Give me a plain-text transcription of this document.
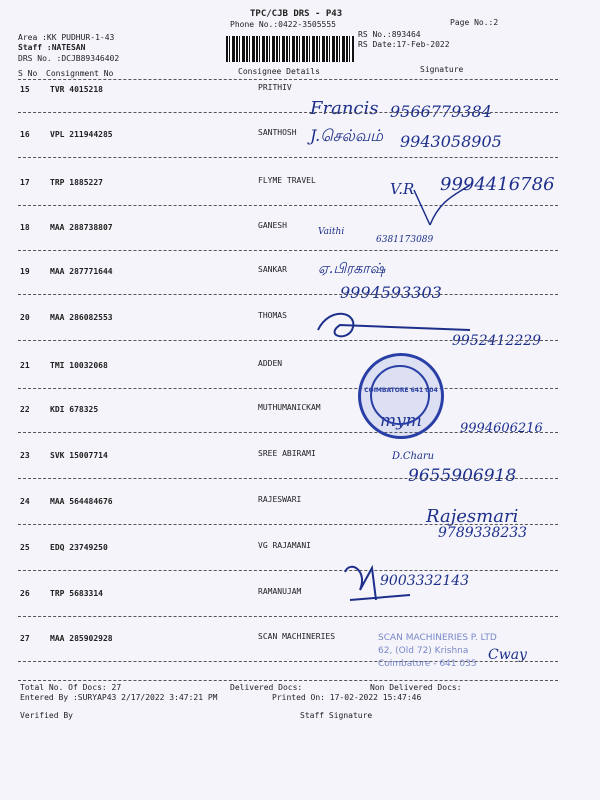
TPC/CJB DRS - P43
Phone No.:0422-3505555	Page No.:2
Area :KK PUDHUR-1-43
Staff :NATESAN
DRS No. :DCJB89346402
RS No.:893464
RS Date:17-Feb-2022
S No Consignment No	Consignee Details	Signature
15	TVR 4015218	PRITHIV
Francis 9566779384
16	VPL 211944285	SANTHOSH J.செல்வம் 9943058905
17	TRP 1885227	FLYME TRAVEL	V.R 9994416786
18	MAA 288738807	GANESH
Vaithi
6381173089
19	MAA 287771644	SANKAR ஏ.பிரகாஷ்
9994593303
20	MAA 286082553	THOMAS
9952412229
21	TMI 10032068	ADDEN
22	KDI 678325	MUTHUMANICKAM
mym	9994606216
23	SVK 15007714	SREE ABIRAMI	D.Charu
9655906918
24	MAA 564484676	RAJESWARI
Rajesmari
9789338233
25	EDQ 23749250	VG RAJAMANI
26	TRP 5683314	RAMANUJAM
9003332143
27	MAA 285902928	SCAN MACHINERIES
Cway
COIMBATORE 641 004
SCAN MACHINERIES P. LTD
62, (Old 72) Krishna
Coimbatore - 641 035
Total No. Of Docs: 27	Delivered Docs:	Non Delivered Docs:
Entered By :SURYAP43 2/17/2022 3:47:21 PM	Printed On: 17-02-2022 15:47:46
Verified By	Staff Signature
